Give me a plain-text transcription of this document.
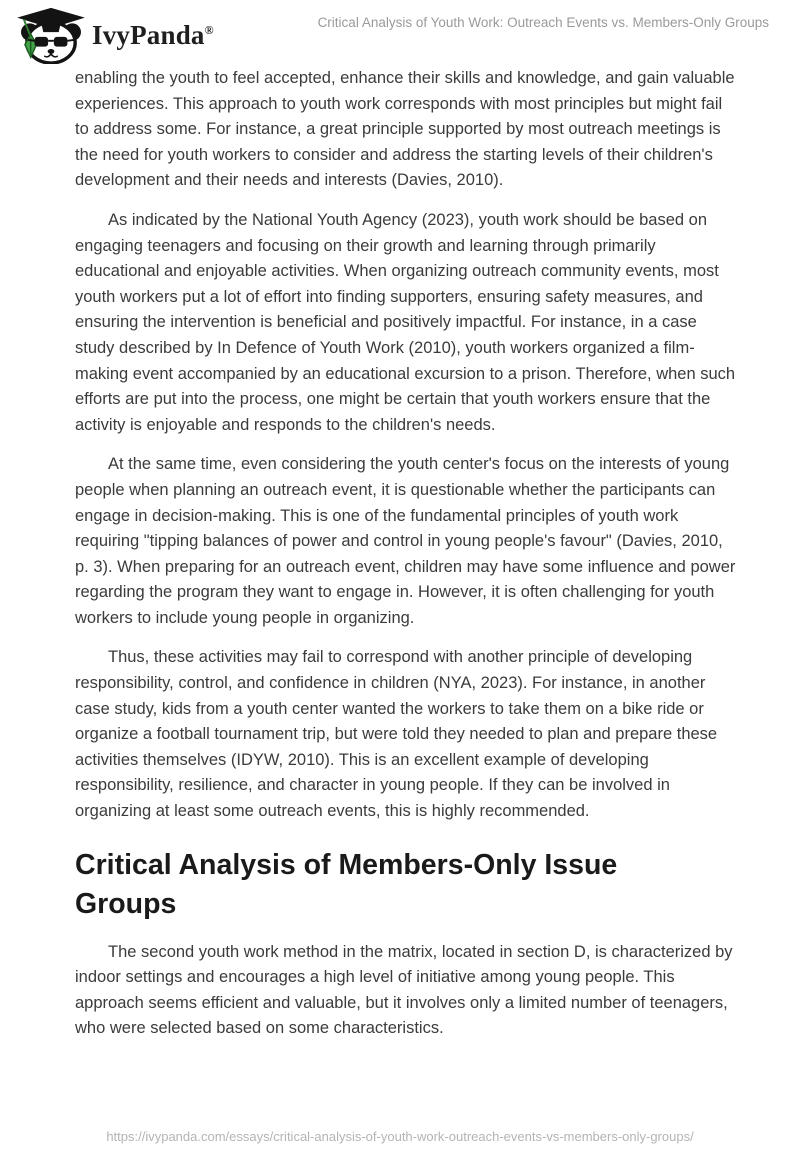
IvyPanda®	Critical Analysis of Youth Work: Outreach Events vs. Members-Only Groups

enabling the youth to feel accepted, enhance their skills and knowledge, and gain valuable experiences. This approach to youth work corresponds with most principles but might fail to address some. For instance, a great principle supported by most outreach meetings is the need for youth workers to consider and address the starting levels of their children's development and their needs and interests (Davies, 2010).

As indicated by the National Youth Agency (2023), youth work should be based on engaging teenagers and focusing on their growth and learning through primarily educational and enjoyable activities. When organizing outreach community events, most youth workers put a lot of effort into finding supporters, ensuring safety measures, and ensuring the intervention is beneficial and positively impactful. For instance, in a case study described by In Defence of Youth Work (2010), youth workers organized a film-making event accompanied by an educational excursion to a prison. Therefore, when such efforts are put into the process, one might be certain that youth workers ensure that the activity is enjoyable and responds to the children's needs.

At the same time, even considering the youth center's focus on the interests of young people when planning an outreach event, it is questionable whether the participants can engage in decision-making. This is one of the fundamental principles of youth work requiring "tipping balances of power and control in young people's favour" (Davies, 2010, p. 3). When preparing for an outreach event, children may have some influence and power regarding the program they want to engage in. However, it is often challenging for youth workers to include young people in organizing.

Thus, these activities may fail to correspond with another principle of developing responsibility, control, and confidence in children (NYA, 2023). For instance, in another case study, kids from a youth center wanted the workers to take them on a bike ride or organize a football tournament trip, but were told they needed to plan and prepare these activities themselves (IDYW, 2010). This is an excellent example of developing responsibility, resilience, and character in young people. If they can be involved in organizing at least some outreach events, this is highly recommended.

Critical Analysis of Members-Only Issue Groups

The second youth work method in the matrix, located in section D, is characterized by indoor settings and encourages a high level of initiative among young people. This approach seems efficient and valuable, but it involves only a limited number of teenagers, who were selected based on some characteristics.

https://ivypanda.com/essays/critical-analysis-of-youth-work-outreach-events-vs-members-only-groups/
